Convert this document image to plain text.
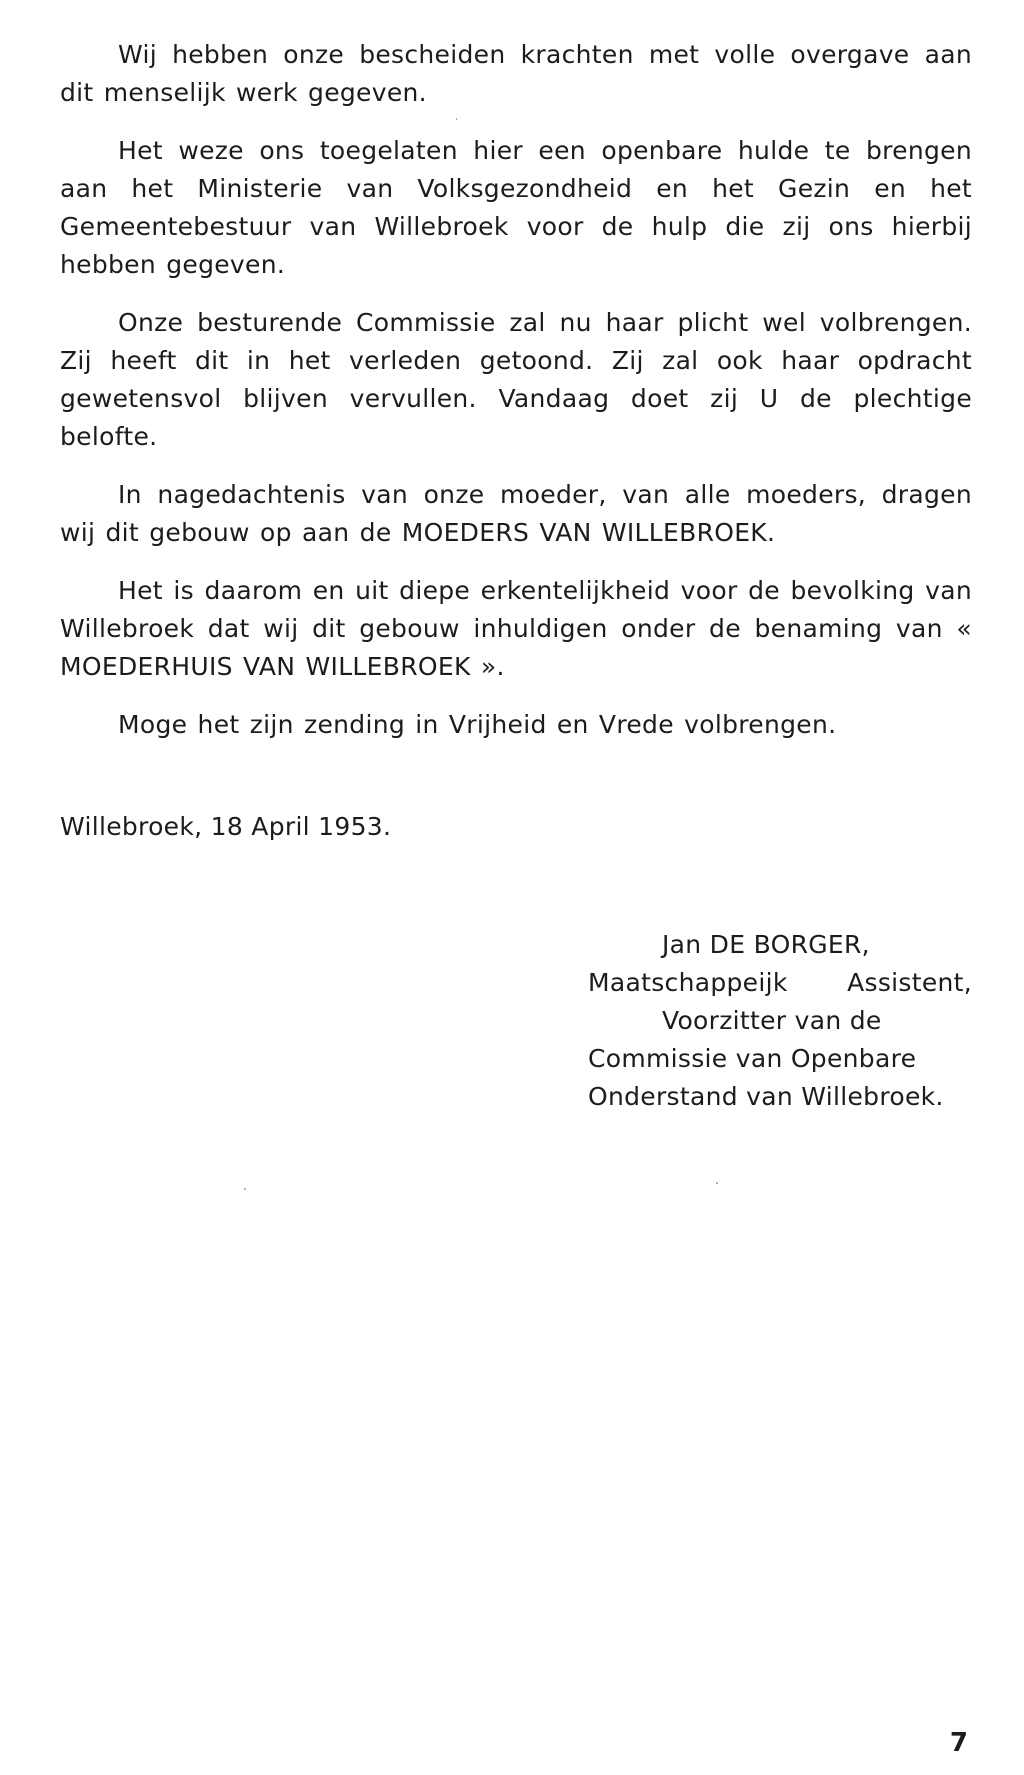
Wij hebben onze bescheiden krachten met volle overgave aan dit menselijk werk gegeven.

Het weze ons toegelaten hier een openbare hulde te brengen aan het Ministerie van Volksgezondheid en het Gezin en het Gemeentebestuur van Willebroek voor de hulp die zij ons hierbij hebben gegeven.

Onze besturende Commissie zal nu haar plicht wel volbrengen. Zij heeft dit in het verleden getoond. Zij zal ook haar opdracht gewetensvol blijven vervullen. Vandaag doet zij U de plechtige belofte.

In nagedachtenis van onze moeder, van alle moeders, dragen wij dit gebouw op aan de MOEDERS VAN WILLEBROEK.

Het is daarom en uit diepe erkentelijkheid voor de bevolking van Willebroek dat wij dit gebouw inhuldigen onder de benaming van « MOEDERHUIS VAN WILLEBROEK ».

Moge het zijn zending in Vrijheid en Vrede volbrengen.

Willebroek, 18 April 1953.
Jan DE BORGER,
Maatschappeijk Assistent,
Voorzitter van de
Commissie van Openbare
Onderstand van Willebroek.
7
